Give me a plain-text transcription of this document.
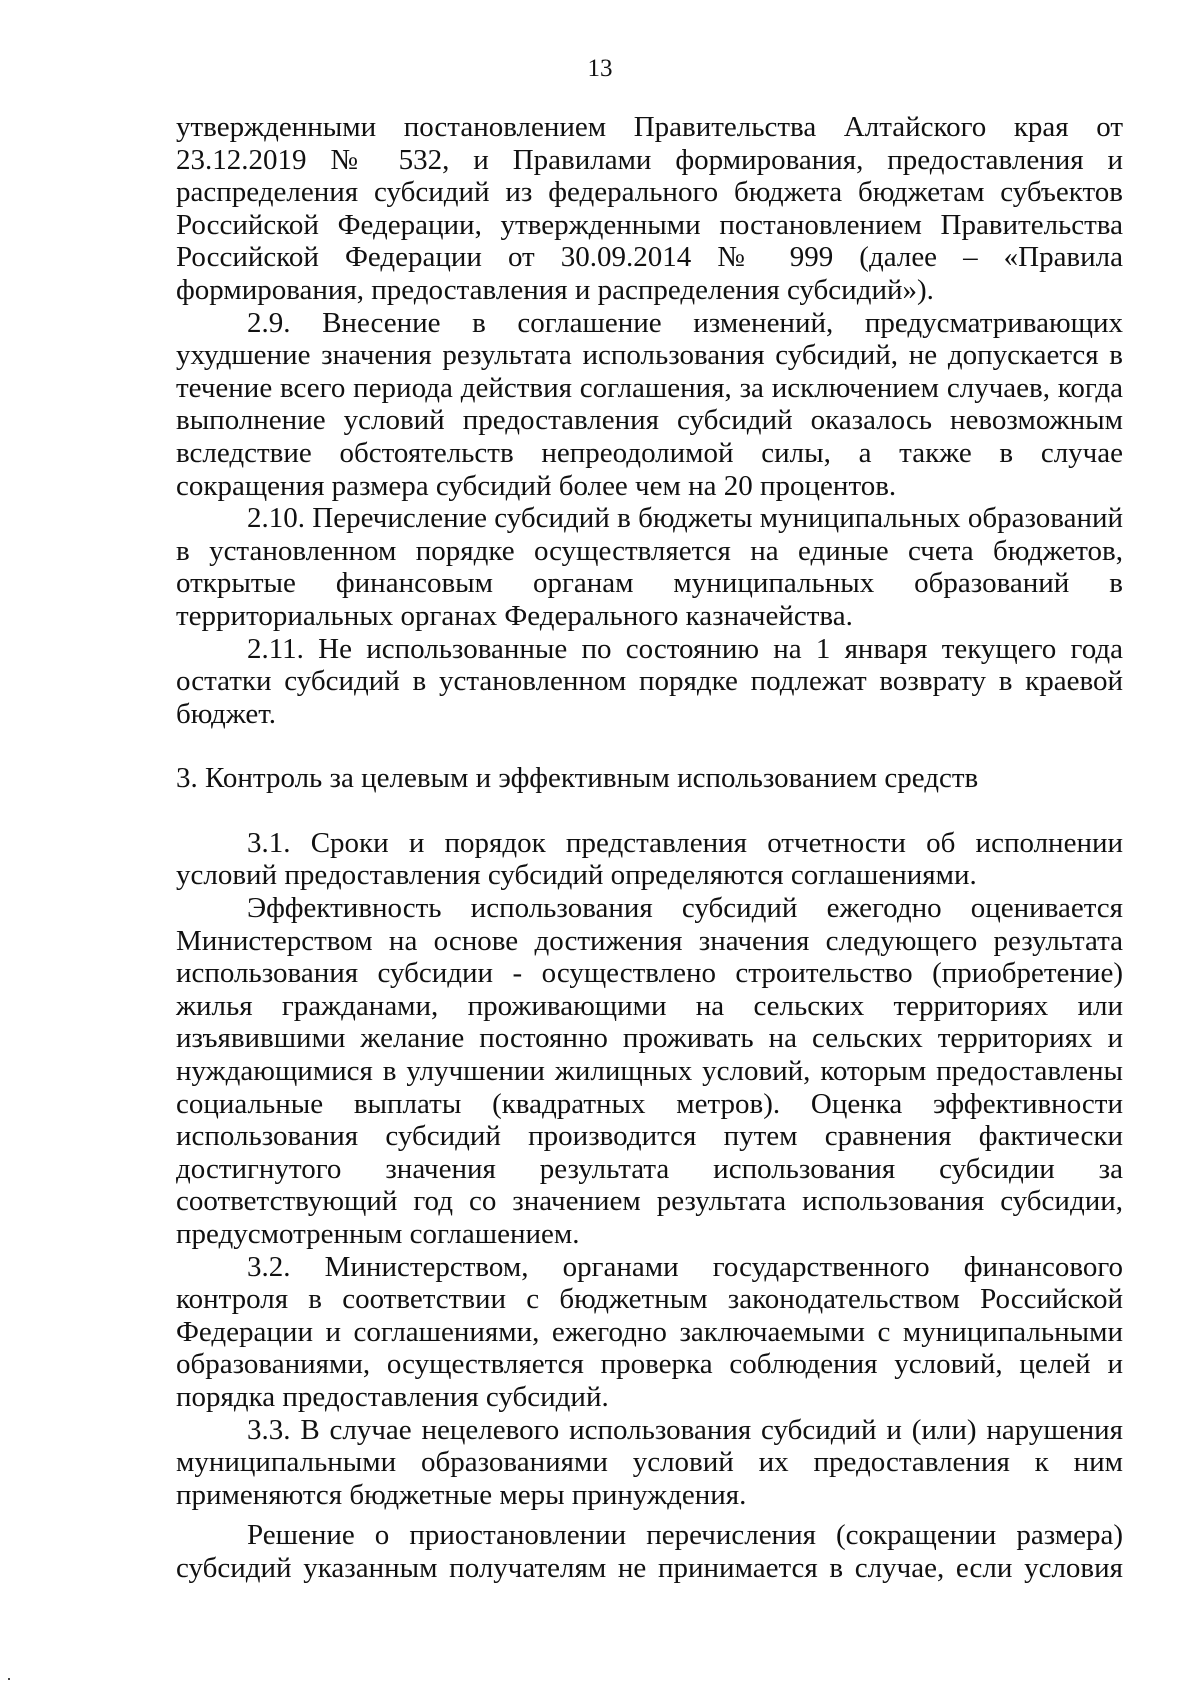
13

утвержденными постановлением Правительства Алтайского края от 23.12.2019 № 532, и Правилами формирования, предоставления и распределения субсидий из федерального бюджета бюджетам субъектов Российской Федерации, утвержденными постановлением Правительства Российской Федерации от 30.09.2014 № 999 (далее – «Правила формирования, предоставления и распределения субсидий»).

2.9. Внесение в соглашение изменений, предусматривающих ухудшение значения результата использования субсидий, не допускается в течение всего периода действия соглашения, за исключением случаев, когда выполнение условий предоставления субсидий оказалось невозможным вследствие обстоятельств непреодолимой силы, а также в случае сокращения размера субсидий более чем на 20 процентов.

2.10. Перечисление субсидий в бюджеты муниципальных образований в установленном порядке осуществляется на единые счета бюджетов, открытые финансовым органам муниципальных образований в территориальных органах Федерального казначейства.

2.11. Не использованные по состоянию на 1 января текущего года остатки субсидий в установленном порядке подлежат возврату в краевой бюджет.

3. Контроль за целевым и эффективным использованием средств

3.1. Сроки и порядок представления отчетности об исполнении условий предоставления субсидий определяются соглашениями.

Эффективность использования субсидий ежегодно оценивается Министерством на основе достижения значения следующего результата использования субсидии - осуществлено строительство (приобретение) жилья гражданами, проживающими на сельских территориях или изъявившими желание постоянно проживать на сельских территориях и нуждающимися в улучшении жилищных условий, которым предоставлены социальные выплаты (квадратных метров). Оценка эффективности использования субсидий производится путем сравнения фактически достигнутого значения результата использования субсидии за соответствующий год со значением результата использования субсидии, предусмотренным соглашением.

3.2. Министерством, органами государственного финансового контроля в соответствии с бюджетным законодательством Российской Федерации и соглашениями, ежегодно заключаемыми с муниципальными образованиями, осуществляется проверка соблюдения условий, целей и порядка предоставления субсидий.

3.3. В случае нецелевого использования субсидий и (или) нарушения муниципальными образованиями условий их предоставления к ним применяются бюджетные меры принуждения.

Решение о приостановлении перечисления (сокращении размера) субсидий указанным получателям не принимается в случае, если условия
